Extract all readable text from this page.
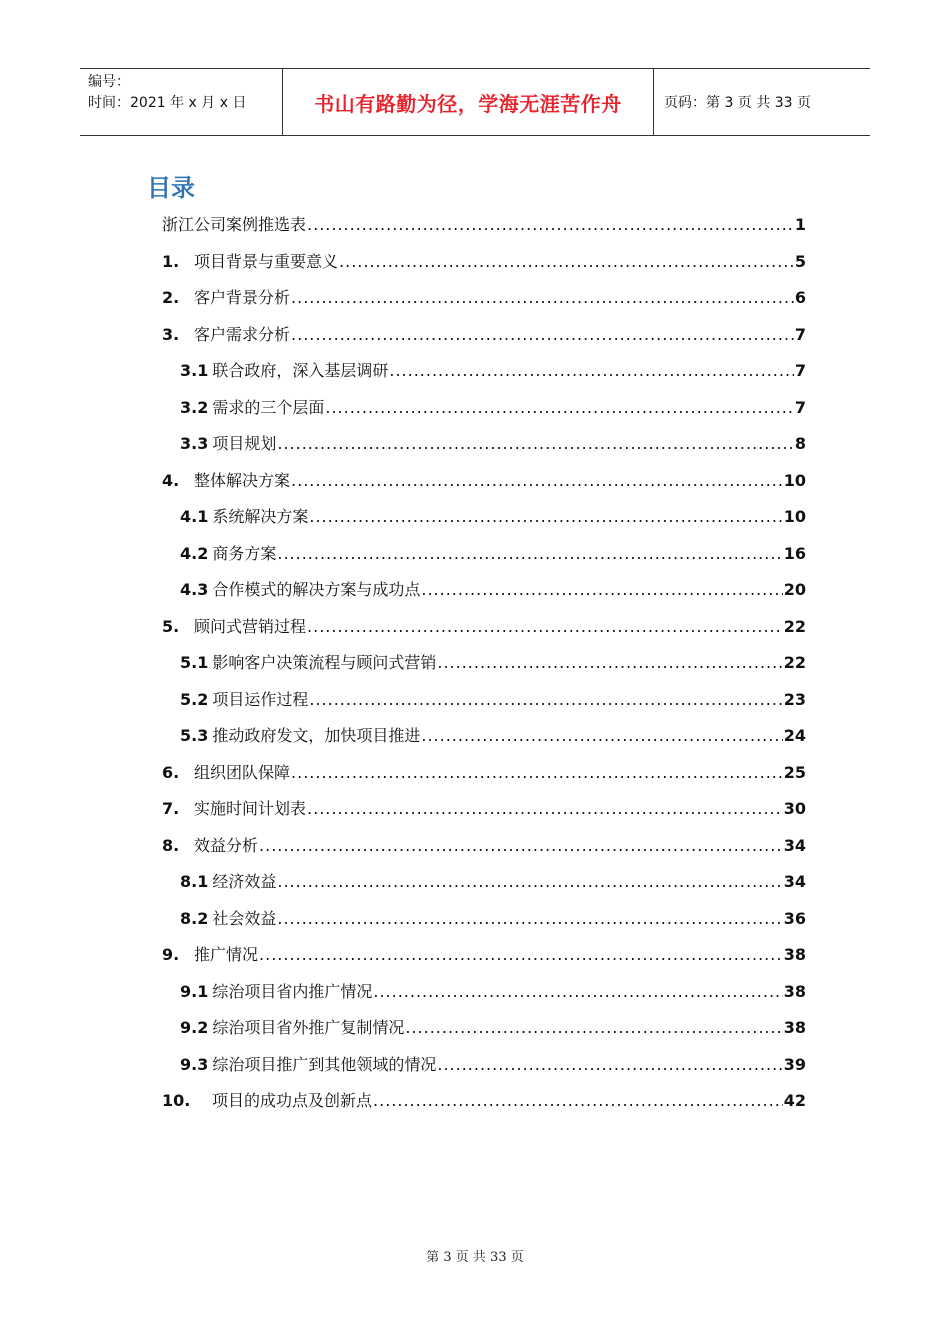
编号：
时间：2021 年 x 月 x 日	书山有路勤为径，学海无涯苦作舟	页码：第 3 页 共 33 页
目录
浙江公司案例推选表 .....	1
1. 项目背景与重要意义 .....	5
2. 客户背景分析 .....	6
3. 客户需求分析 .....	7
3.1 联合政府，深入基层调研 .....	7
3.2 需求的三个层面 .....	7
3.3 项目规划 .....	8
4. 整体解决方案 .....	10
4.1 系统解决方案 .....	10
4.2 商务方案 .....	16
4.3 合作模式的解决方案与成功点 .....	20
5. 顾问式营销过程 .....	22
5.1 影响客户决策流程与顾问式营销 .....	22
5.2 项目运作过程 .....	23
5.3 推动政府发文，加快项目推进 .....	24
6. 组织团队保障 .....	25
7. 实施时间计划表 .....	30
8. 效益分析 .....	34
8.1 经济效益 .....	34
8.2 社会效益 .....	36
9. 推广情况 .....	38
9.1 综治项目省内推广情况 .....	38
9.2 综治项目省外推广复制情况 .....	38
9.3 综治项目推广到其他领域的情况 .....	39
10.	项目的成功点及创新点 .....	42
第 3 页 共 33 页
